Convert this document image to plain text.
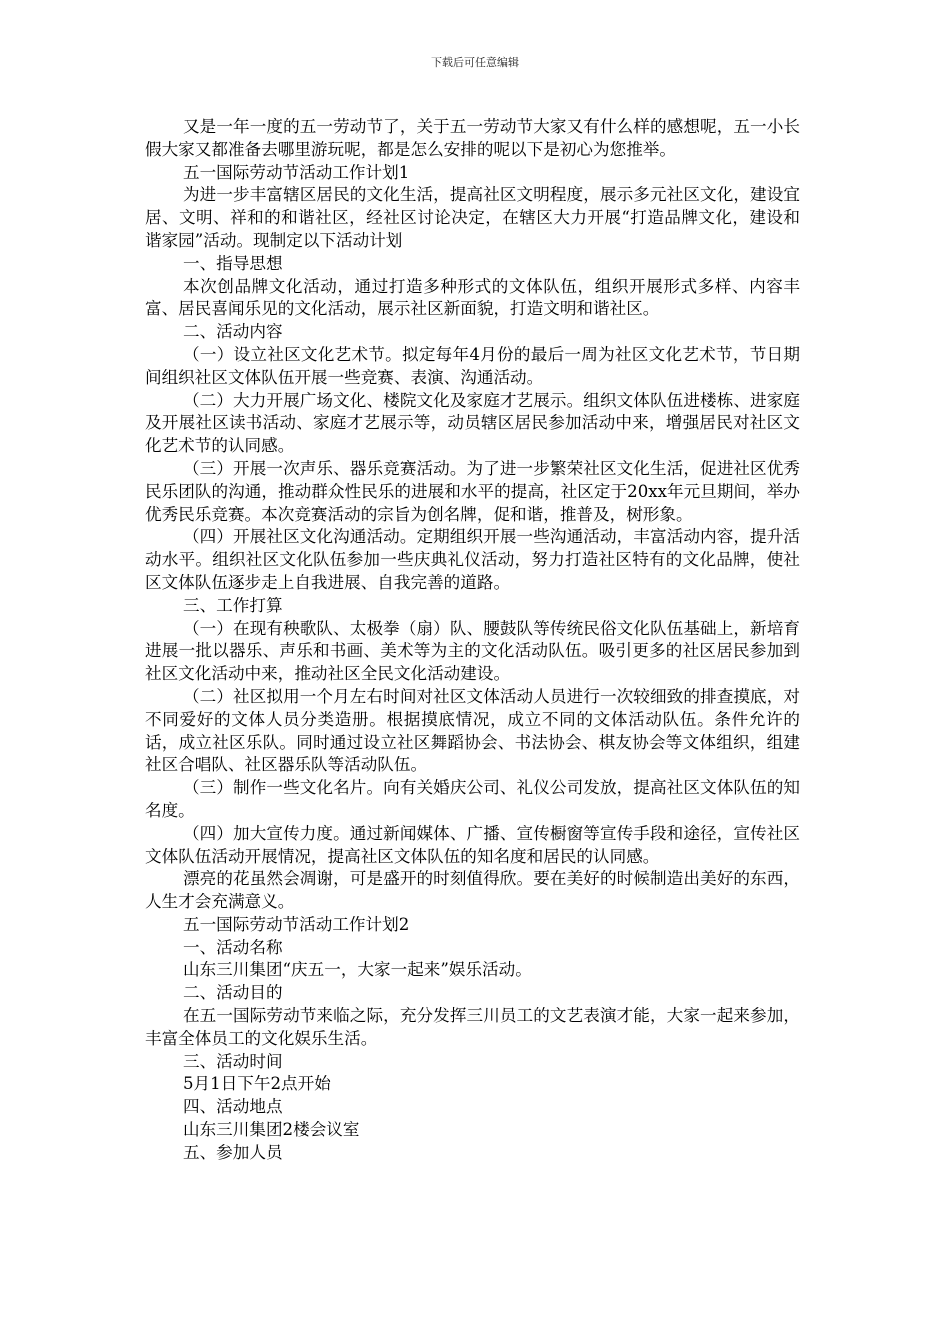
下载后可任意编辑

又是一年一度的五一劳动节了，关于五一劳动节大家又有什么样的感想呢，五一小长假大家又都准备去哪里游玩呢，都是怎么安排的呢以下是初心为您推举。

五一国际劳动节活动工作计划1

为进一步丰富辖区居民的文化生活，提高社区文明程度，展示多元社区文化，建设宜居、文明、祥和的和谐社区，经社区讨论决定，在辖区大力开展“打造品牌文化，建设和谐家园”活动。现制定以下活动计划

一、指导思想

本次创品牌文化活动，通过打造多种形式的文体队伍，组织开展形式多样、内容丰富、居民喜闻乐见的文化活动，展示社区新面貌，打造文明和谐社区。

二、活动内容

（一）设立社区文化艺术节。拟定每年4月份的最后一周为社区文化艺术节，节日期间组织社区文体队伍开展一些竞赛、表演、沟通活动。

（二）大力开展广场文化、楼院文化及家庭才艺展示。组织文体队伍进楼栋、进家庭及开展社区读书活动、家庭才艺展示等，动员辖区居民参加活动中来，增强居民对社区文化艺术节的认同感。

（三）开展一次声乐、器乐竞赛活动。为了进一步繁荣社区文化生活，促进社区优秀民乐团队的沟通，推动群众性民乐的进展和水平的提高，社区定于20xx年元旦期间，举办优秀民乐竞赛。本次竞赛活动的宗旨为创名牌，促和谐，推普及，树形象。

（四）开展社区文化沟通活动。定期组织开展一些沟通活动，丰富活动内容，提升活动水平。组织社区文化队伍参加一些庆典礼仪活动，努力打造社区特有的文化品牌，使社区文体队伍逐步走上自我进展、自我完善的道路。

三、工作打算

（一）在现有秧歌队、太极拳（扇）队、腰鼓队等传统民俗文化队伍基础上，新培育进展一批以器乐、声乐和书画、美术等为主的文化活动队伍。吸引更多的社区居民参加到社区文化活动中来，推动社区全民文化活动建设。

（二）社区拟用一个月左右时间对社区文体活动人员进行一次较细致的排查摸底，对不同爱好的文体人员分类造册。根据摸底情况，成立不同的文体活动队伍。条件允许的话，成立社区乐队。同时通过设立社区舞蹈协会、书法协会、棋友协会等文体组织，组建社区合唱队、社区器乐队等活动队伍。

（三）制作一些文化名片。向有关婚庆公司、礼仪公司发放，提高社区文体队伍的知名度。

（四）加大宣传力度。通过新闻媒体、广播、宣传橱窗等宣传手段和途径，宣传社区文体队伍活动开展情况，提高社区文体队伍的知名度和居民的认同感。

漂亮的花虽然会凋谢，可是盛开的时刻值得欣。要在美好的时候制造出美好的东西，人生才会充满意义。

五一国际劳动节活动工作计划2

一、活动名称

山东三川集团“庆五一，大家一起来”娱乐活动。

二、活动目的

在五一国际劳动节来临之际，充分发挥三川员工的文艺表演才能，大家一起来参加，丰富全体员工的文化娱乐生活。

三、活动时间

5月1日下午2点开始

四、活动地点

山东三川集团2楼会议室

五、参加人员
